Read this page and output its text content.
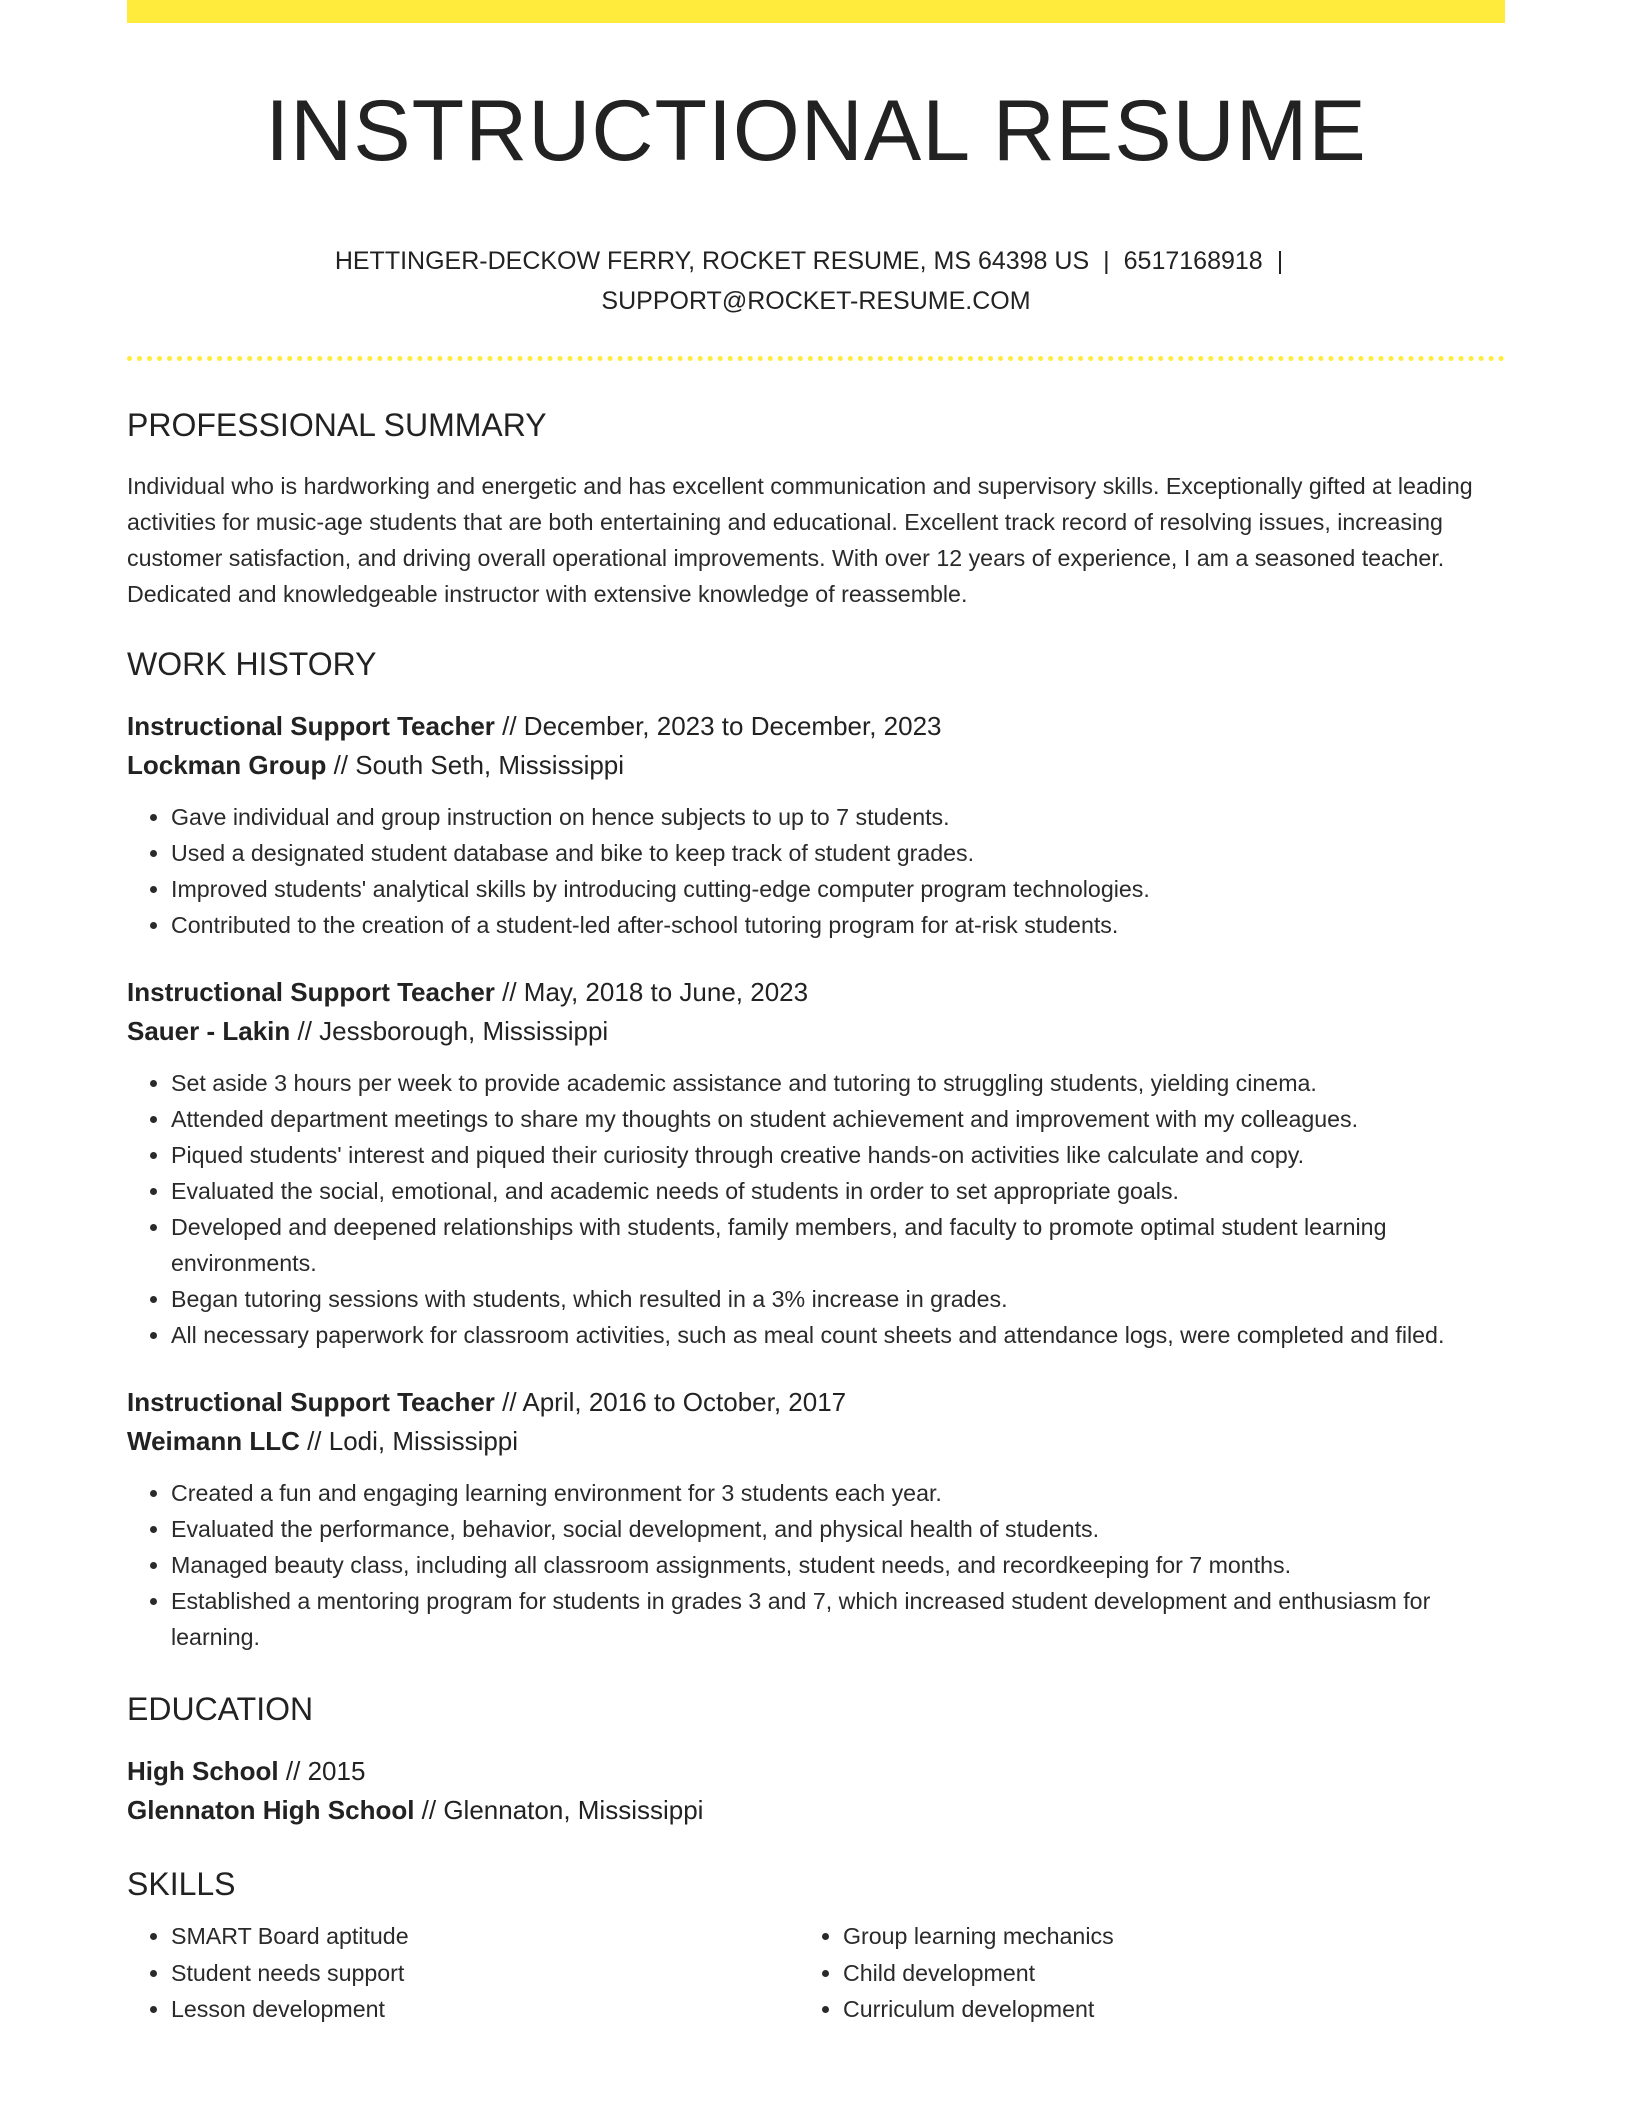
INSTRUCTIONAL RESUME
HETTINGER-DECKOW FERRY, ROCKET RESUME, MS 64398 US | 6517168918 |
SUPPORT@ROCKET-RESUME.COM
PROFESSIONAL SUMMARY
Individual who is hardworking and energetic and has excellent communication and supervisory skills. Exceptionally gifted at leading activities for music-age students that are both entertaining and educational. Excellent track record of resolving issues, increasing customer satisfaction, and driving overall operational improvements. With over 12 years of experience, I am a seasoned teacher. Dedicated and knowledgeable instructor with extensive knowledge of reassemble.
WORK HISTORY
Instructional Support Teacher // December, 2023 to December, 2023
Lockman Group // South Seth, Mississippi
• Gave individual and group instruction on hence subjects to up to 7 students.
• Used a designated student database and bike to keep track of student grades.
• Improved students' analytical skills by introducing cutting-edge computer program technologies.
• Contributed to the creation of a student-led after-school tutoring program for at-risk students.
Instructional Support Teacher // May, 2018 to June, 2023
Sauer - Lakin // Jessborough, Mississippi
• Set aside 3 hours per week to provide academic assistance and tutoring to struggling students, yielding cinema.
• Attended department meetings to share my thoughts on student achievement and improvement with my colleagues.
• Piqued students' interest and piqued their curiosity through creative hands-on activities like calculate and copy.
• Evaluated the social, emotional, and academic needs of students in order to set appropriate goals.
• Developed and deepened relationships with students, family members, and faculty to promote optimal student learning environments.
• Began tutoring sessions with students, which resulted in a 3% increase in grades.
• All necessary paperwork for classroom activities, such as meal count sheets and attendance logs, were completed and filed.
Instructional Support Teacher // April, 2016 to October, 2017
Weimann LLC // Lodi, Mississippi
• Created a fun and engaging learning environment for 3 students each year.
• Evaluated the performance, behavior, social development, and physical health of students.
• Managed beauty class, including all classroom assignments, student needs, and recordkeeping for 7 months.
• Established a mentoring program for students in grades 3 and 7, which increased student development and enthusiasm for learning.
EDUCATION
High School // 2015
Glennaton High School // Glennaton, Mississippi
SKILLS
• SMART Board aptitude
• Student needs support
• Lesson development
• Group learning mechanics
• Child development
• Curriculum development
